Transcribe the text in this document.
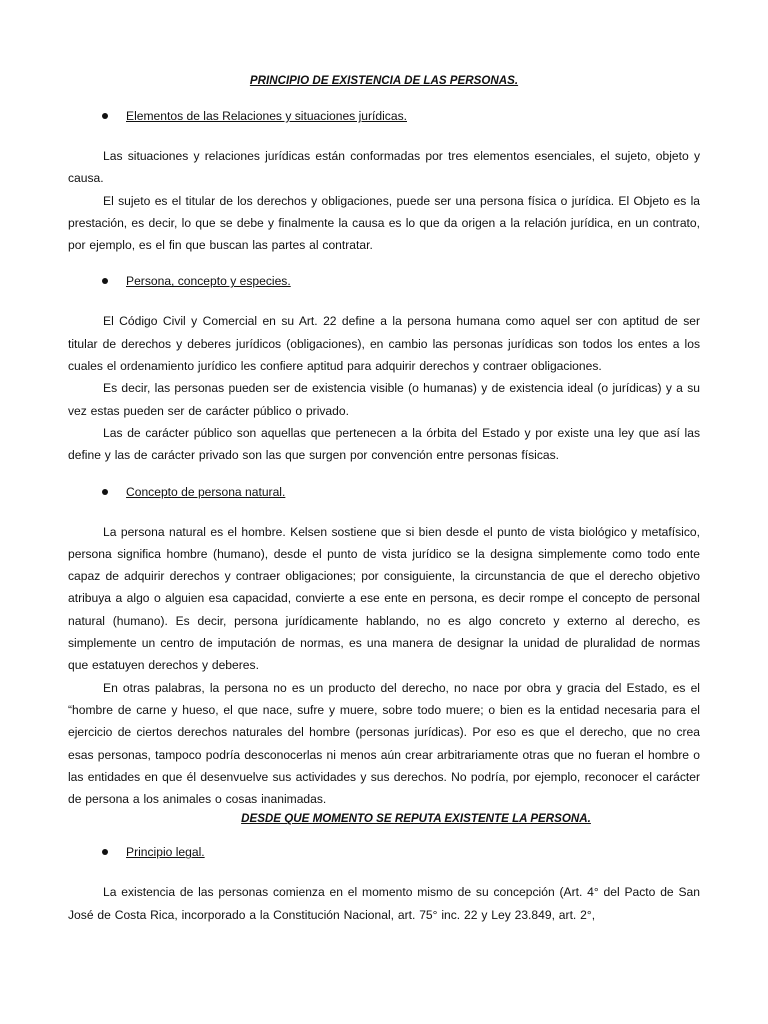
PRINCIPIO DE EXISTENCIA DE LAS PERSONAS.
Elementos de las Relaciones y situaciones jurídicas.

Las situaciones y relaciones jurídicas están conformadas por tres elementos esenciales, el sujeto, objeto y causa.

El sujeto es el titular de los derechos y obligaciones, puede ser una persona física o jurídica. El Objeto es la prestación, es decir, lo que se debe y finalmente la causa es lo que da origen a la relación jurídica, en un contrato, por ejemplo, es el fin que buscan las partes al contratar.

Persona, concepto y especies.

El Código Civil y Comercial en su Art. 22 define a la persona humana como aquel ser con aptitud de ser titular de derechos y deberes jurídicos (obligaciones), en cambio las personas jurídicas son todos los entes a los cuales el ordenamiento jurídico les confiere aptitud para adquirir derechos y contraer obligaciones.

Es decir, las personas pueden ser de existencia visible (o humanas) y de existencia ideal (o jurídicas) y a su vez estas pueden ser de carácter público o privado.

Las de carácter público son aquellas que pertenecen a la órbita del Estado y por existe una ley que así las define y las de carácter privado son las que surgen por convención entre personas físicas.

Concepto de persona natural.

La persona natural es el hombre. Kelsen sostiene que si bien desde el punto de vista biológico y metafísico, persona significa hombre (humano), desde el punto de vista jurídico se la designa simplemente como todo ente capaz de adquirir derechos y contraer obligaciones; por consiguiente, la circunstancia de que el derecho objetivo atribuya a algo o alguien esa capacidad, convierte a ese ente en persona, es decir rompe el concepto de personal natural (humano). Es decir, persona jurídicamente hablando, no es algo concreto y externo al derecho, es simplemente un centro de imputación de normas, es una manera de designar la unidad de pluralidad de normas que estatuyen derechos y deberes.

En otras palabras, la persona no es un producto del derecho, no nace por obra y gracia del Estado, es el “hombre de carne y hueso, el que nace, sufre y muere, sobre todo muere; o bien es la entidad necesaria para el ejercicio de ciertos derechos naturales del hombre (personas jurídicas). Por eso es que el derecho, que no crea esas personas, tampoco podría desconocerlas ni menos aún crear arbitrariamente otras que no fueran el hombre o las entidades en que él desenvuelve sus actividades y sus derechos. No podría, por ejemplo, reconocer el carácter de persona a los animales o cosas inanimadas.

DESDE QUE MOMENTO SE REPUTA EXISTENTE LA PERSONA.
Principio legal.

La existencia de las personas comienza en el momento mismo de su concepción (Art. 4° del Pacto de San José de Costa Rica, incorporado a la Constitución Nacional, art. 75° inc. 22 y Ley 23.849, art. 2°,
